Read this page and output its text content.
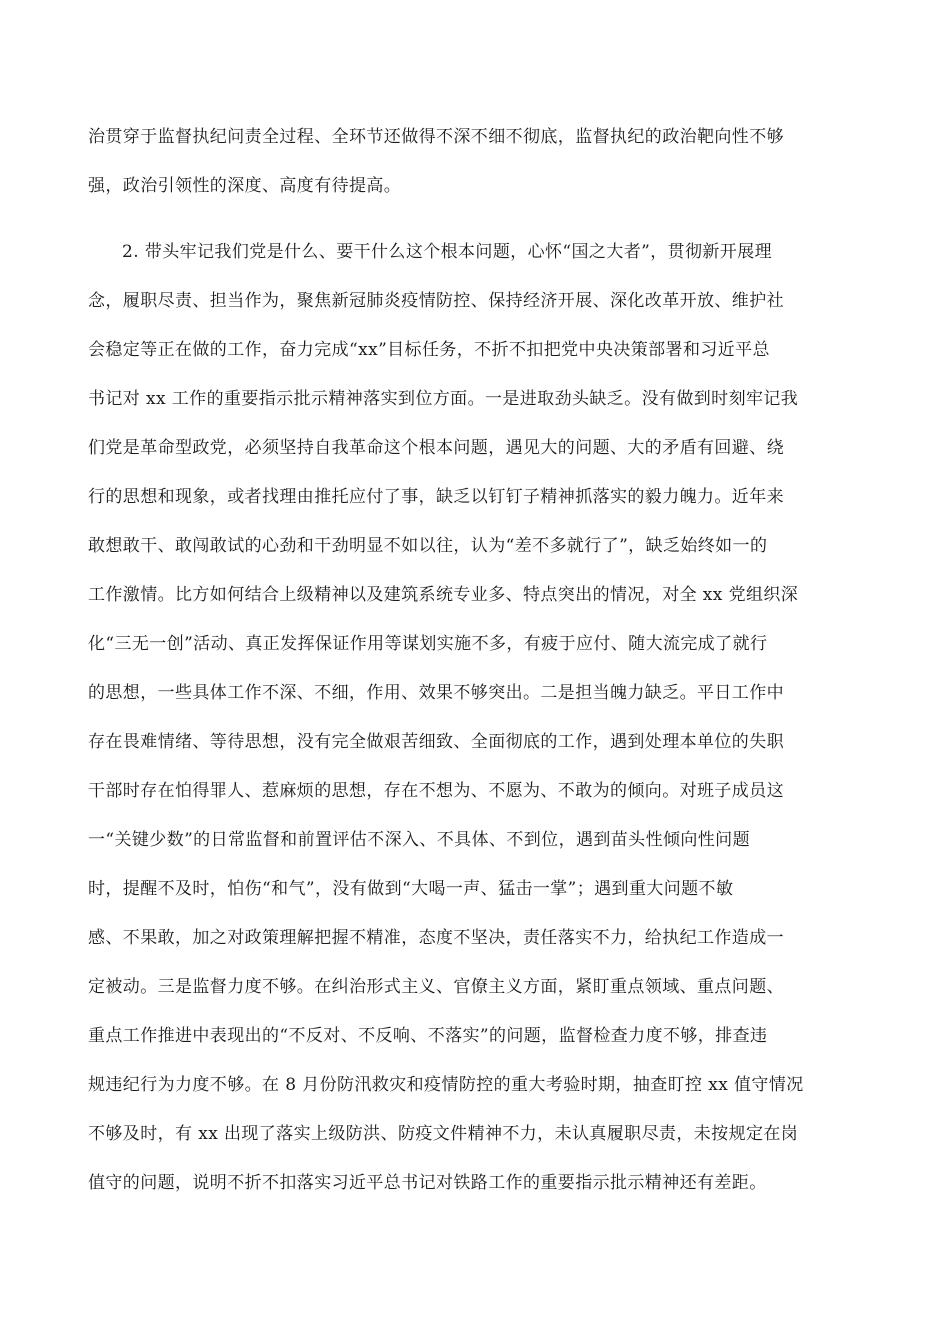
治贯穿于监督执纪问责全过程、全环节还做得不深不细不彻底，监督执纪的政治靶向性不够
强，政治引领性的深度、高度有待提高。
2. 带头牢记我们党是什么、要干什么这个根本问题，心怀“国之大者”，贯彻新开展理
念，履职尽责、担当作为，聚焦新冠肺炎疫情防控、保持经济开展、深化改革开放、维护社
会稳定等正在做的工作，奋力完成“xx”目标任务，不折不扣把党中央决策部署和习近平总
书记对 xx 工作的重要指示批示精神落实到位方面。一是进取劲头缺乏。没有做到时刻牢记我
们党是革命型政党，必须坚持自我革命这个根本问题，遇见大的问题、大的矛盾有回避、绕
行的思想和现象，或者找理由推托应付了事，缺乏以钉钉子精神抓落实的毅力魄力。近年来
敢想敢干、敢闯敢试的心劲和干劲明显不如以往，认为“差不多就行了”，缺乏始终如一的
工作激情。比方如何结合上级精神以及建筑系统专业多、特点突出的情况，对全 xx 党组织深
化“三无一创”活动、真正发挥保证作用等谋划实施不多，有疲于应付、随大流完成了就行
的思想，一些具体工作不深、不细，作用、效果不够突出。二是担当魄力缺乏。平日工作中
存在畏难情绪、等待思想，没有完全做艰苦细致、全面彻底的工作，遇到处理本单位的失职
干部时存在怕得罪人、惹麻烦的思想，存在不想为、不愿为、不敢为的倾向。对班子成员这
一“关键少数”的日常监督和前置评估不深入、不具体、不到位，遇到苗头性倾向性问题
时，提醒不及时，怕伤“和气”，没有做到“大喝一声、猛击一掌”；遇到重大问题不敏
感、不果敢，加之对政策理解把握不精准，态度不坚决，责任落实不力，给执纪工作造成一
定被动。三是监督力度不够。在纠治形式主义、官僚主义方面，紧盯重点领域、重点问题、
重点工作推进中表现出的“不反对、不反响、不落实”的问题，监督检查力度不够，排查违
规违纪行为力度不够。在 8 月份防汛救灾和疫情防控的重大考验时期，抽查盯控 xx 值守情况
不够及时，有 xx 出现了落实上级防洪、防疫文件精神不力，未认真履职尽责，未按规定在岗
值守的问题，说明不折不扣落实习近平总书记对铁路工作的重要指示批示精神还有差距。
